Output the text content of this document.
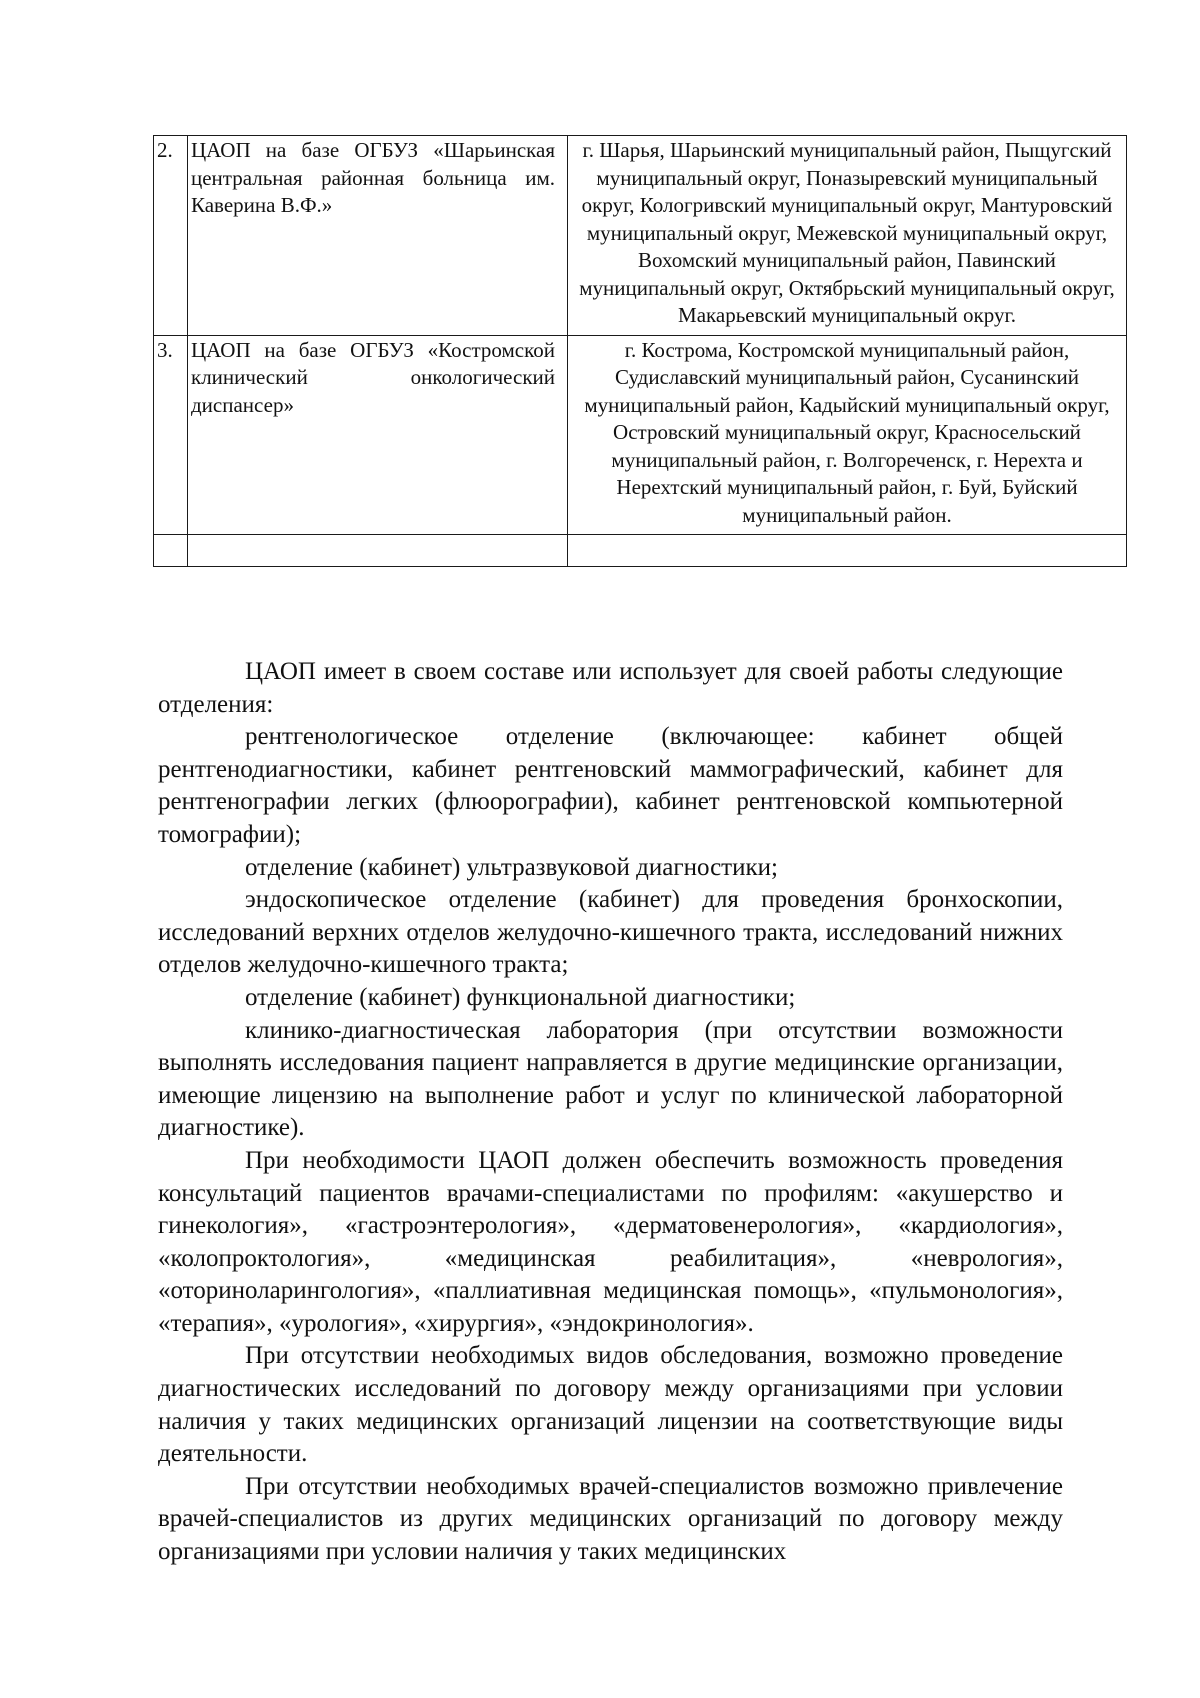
2.	ЦАОП на базе ОГБУЗ «Шарьинская центральная районная больница им. Каверина В.Ф.»	г. Шарья, Шарьинский муниципальный район, Пыщугский муниципальный округ, Поназыревский муниципальный округ, Кологривский муниципальный округ, Мантуровский муниципальный округ, Межевской муниципальный округ, Вохомский муниципальный район, Павинский муниципальный округ, Октябрьский муниципальный округ, Макарьевский муниципальный округ.
3.	ЦАОП на базе ОГБУЗ «Костромской клинический онкологический диспансер»	г. Кострома, Костромской муниципальный район, Судиславский муниципальный район, Сусанинский муниципальный район, Кадыйский муниципальный округ, Островский муниципальный округ, Красносельский муниципальный район, г. Волгореченск, г. Нерехта и Нерехтский муниципальный район, г. Буй, Буйский муниципальный район.

ЦАОП имеет в своем составе или использует для своей работы следующие отделения:

рентгенологическое отделение (включающее: кабинет общей рентгенодиагностики, кабинет рентгеновский маммографический, кабинет для рентгенографии легких (флюорографии), кабинет рентгеновской компьютерной томографии);

отделение (кабинет) ультразвуковой диагностики;

эндоскопическое отделение (кабинет) для проведения бронхоскопии, исследований верхних отделов желудочно-кишечного тракта, исследований нижних отделов желудочно-кишечного тракта;

отделение (кабинет) функциональной диагностики;

клинико-диагностическая лаборатория (при отсутствии возможности выполнять исследования пациент направляется в другие медицинские организации, имеющие лицензию на выполнение работ и услуг по клинической лабораторной диагностике).

При необходимости ЦАОП должен обеспечить возможность проведения консультаций пациентов врачами-специалистами по профилям: «акушерство и гинекология», «гастроэнтерология», «дерматовенерология», «кардиология», «колопроктология», «медицинская реабилитация», «неврология», «оториноларингология», «паллиативная медицинская помощь», «пульмонология», «терапия», «урология», «хирургия», «эндокринология».

При отсутствии необходимых видов обследования, возможно проведение диагностических исследований по договору между организациями при условии наличия у таких медицинских организаций лицензии на соответствующие виды деятельности.

При отсутствии необходимых врачей-специалистов возможно привлечение врачей-специалистов из других медицинских организаций по договору между организациями при условии наличия у таких медицинских
